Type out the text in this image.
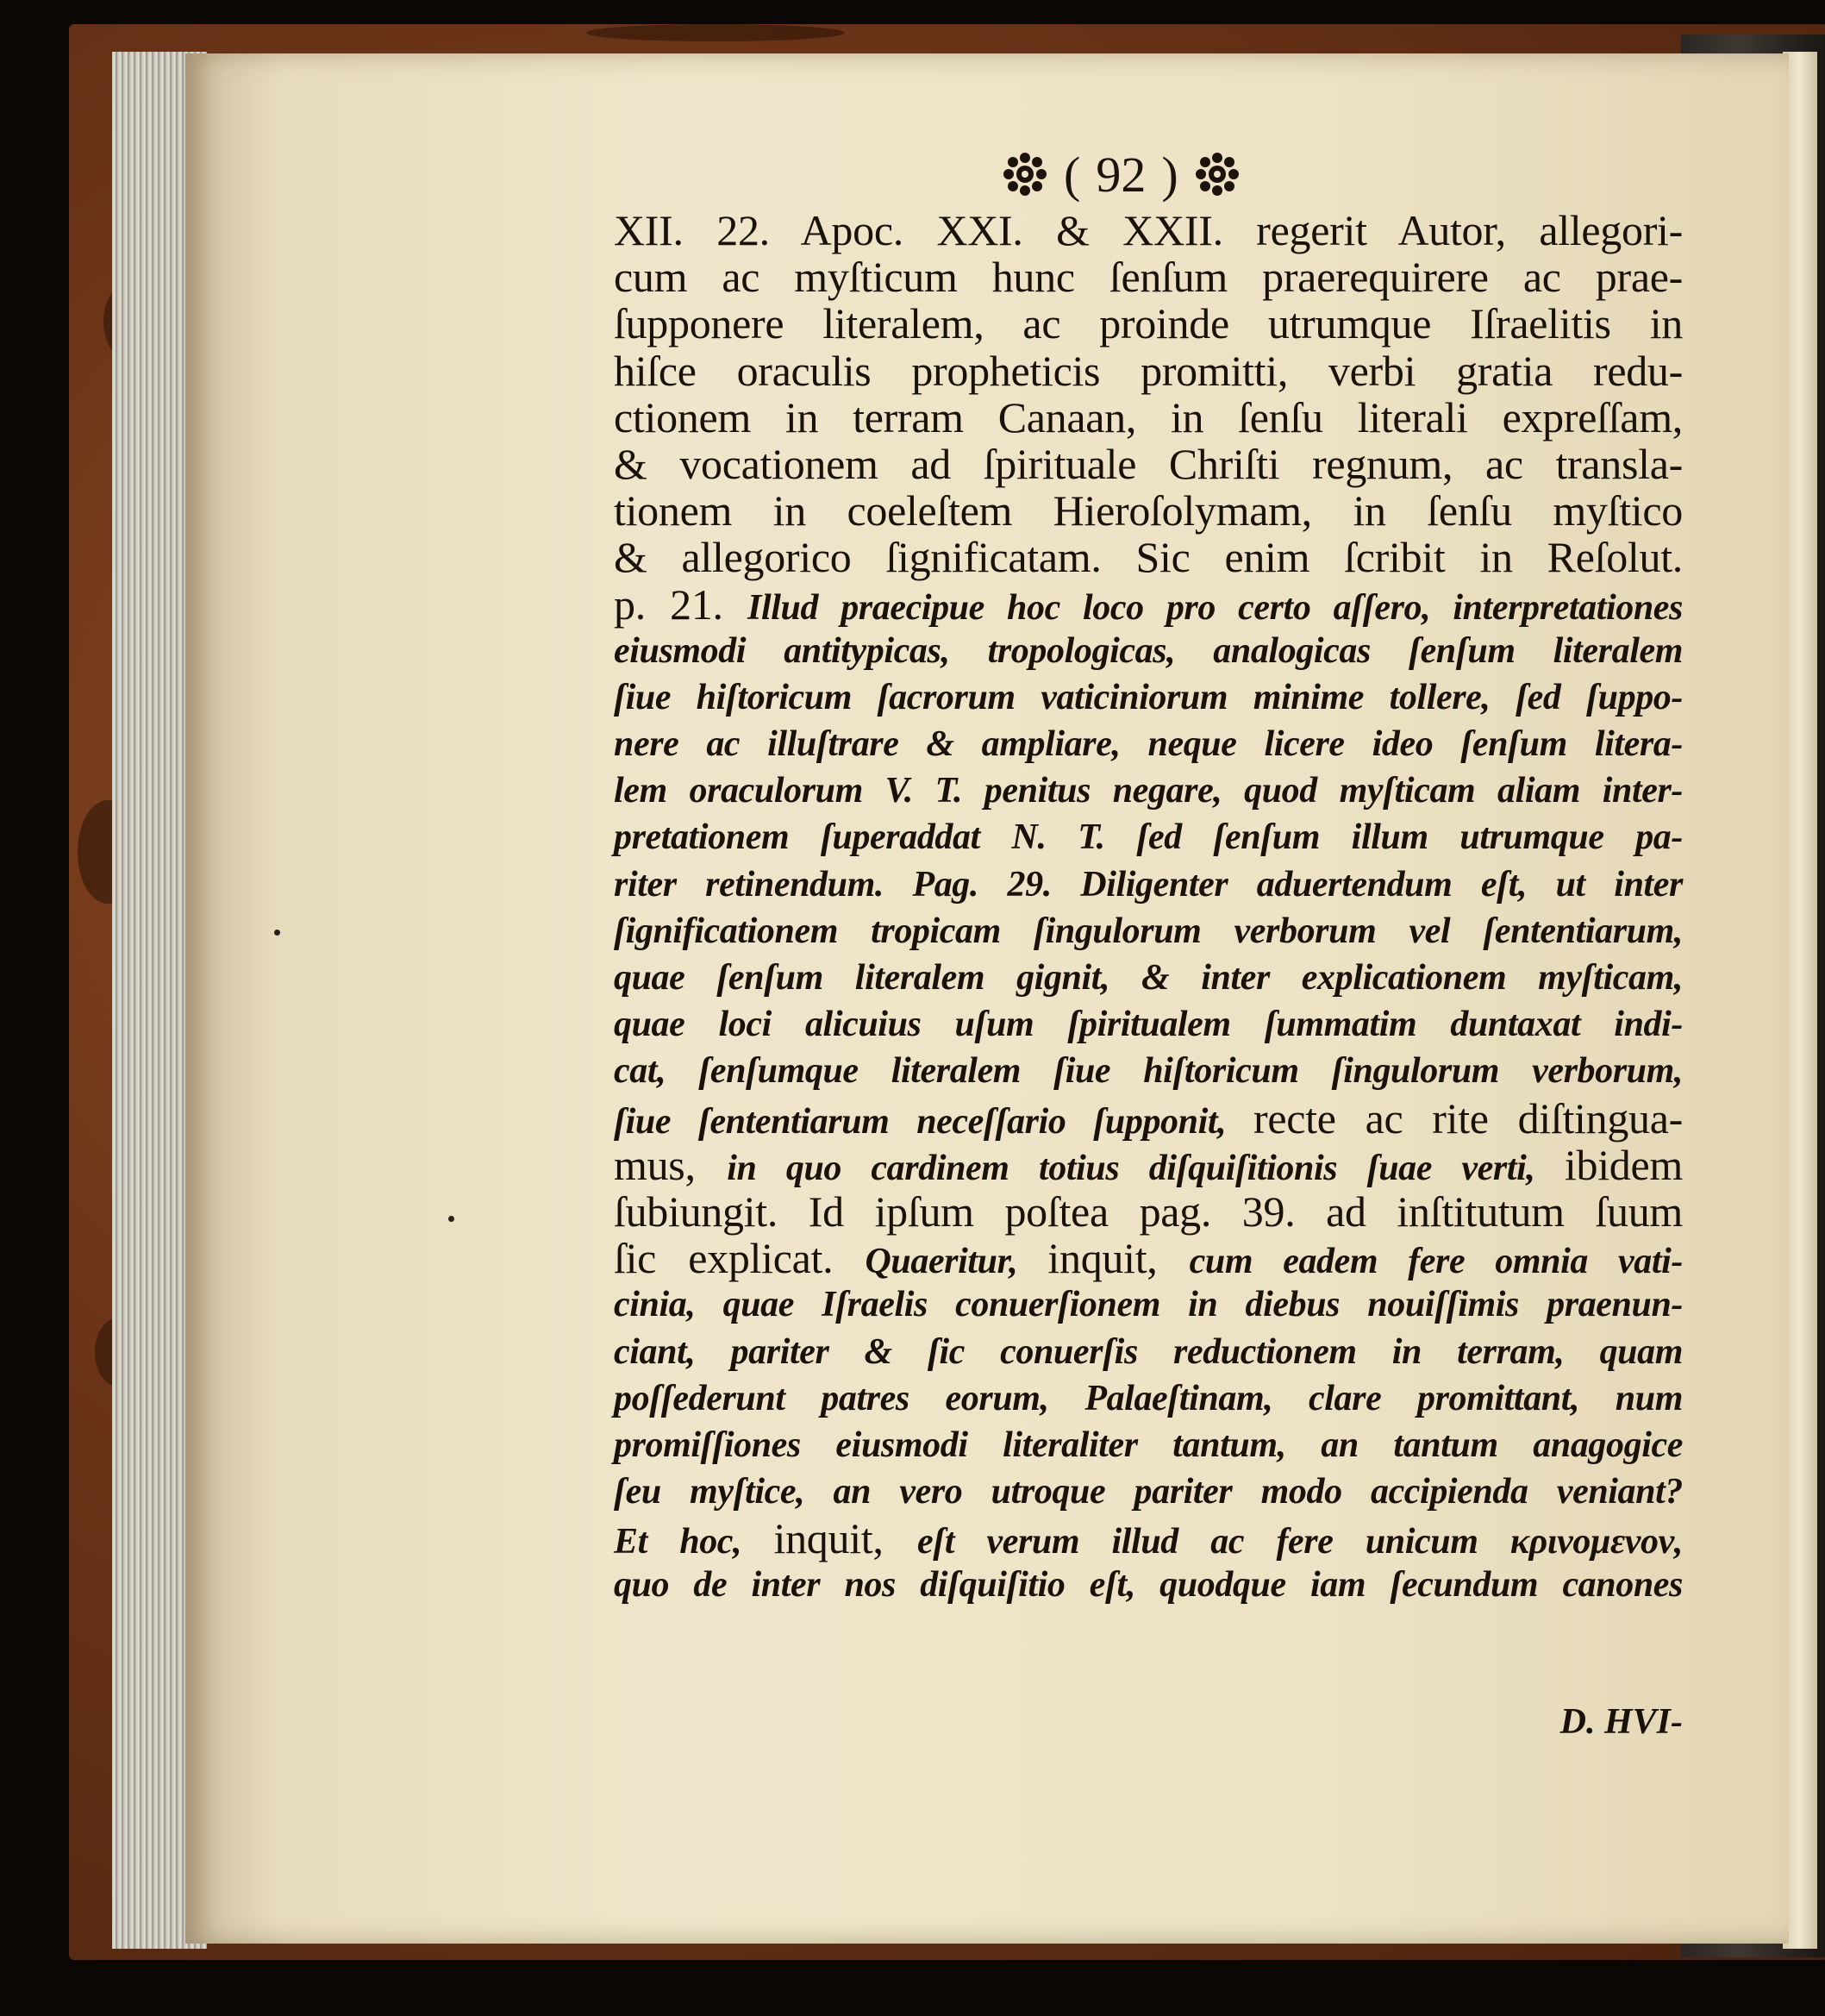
( 92 )
XII. 22. Apoc. XXI. & XXII. regerit Autor, allegori-
cum ac myſticum hunc ſenſum praerequirere ac prae-
ſupponere literalem, ac proinde utrumque Iſraelitis in
hiſce oraculis propheticis promitti, verbi gratia redu-
ctionem in terram Canaan, in ſenſu literali expreſſam,
& vocationem ad ſpirituale Chriſti regnum, ac transla-
tionem in coeleſtem Hieroſolymam, in ſenſu myſtico
& allegorico ſignificatam. Sic enim ſcribit in Reſolut.
p. 21. Illud praecipue hoc loco pro certo aſſero, interpretationes
eiusmodi antitypicas, tropologicas, analogicas ſenſum literalem
ſiue hiſtoricum ſacrorum vaticiniorum minime tollere, ſed ſuppo-
nere ac illuſtrare & ampliare, neque licere ideo ſenſum litera-
lem oraculorum V. T. penitus negare, quod myſticam aliam inter-
pretationem ſuperaddat N. T. ſed ſenſum illum utrumque pa-
riter retinendum. Pag. 29. Diligenter aduertendum eſt, ut inter
ſignificationem tropicam ſingulorum verborum vel ſententiarum,
quae ſenſum literalem gignit, & inter explicationem myſticam,
quae loci alicuius uſum ſpiritualem ſummatim duntaxat indi-
cat, ſenſumque literalem ſiue hiſtoricum ſingulorum verborum,
ſiue ſententiarum neceſſario ſupponit, recte ac rite diſtingua-
mus, in quo cardinem totius diſquiſitionis ſuae verti, ibidem
ſubiungit. Id ipſum poſtea pag. 39. ad inſtitutum ſuum
ſic explicat. Quaeritur, inquit, cum eadem fere omnia vati-
cinia, quae Iſraelis conuerſionem in diebus nouiſſimis praenun-
ciant, pariter & ſic conuerſis reductionem in terram, quam
poſſederunt patres eorum, Palaeſtinam, clare promittant, num
promiſſiones eiusmodi literaliter tantum, an tantum anagogice
ſeu myſtice, an vero utroque pariter modo accipienda veniant?
Et hoc, inquit, eſt verum illud ac fere unicum κρινομενον,
quo de inter nos diſquiſitio eſt, quodque iam ſecundum canones
D. HVI-
